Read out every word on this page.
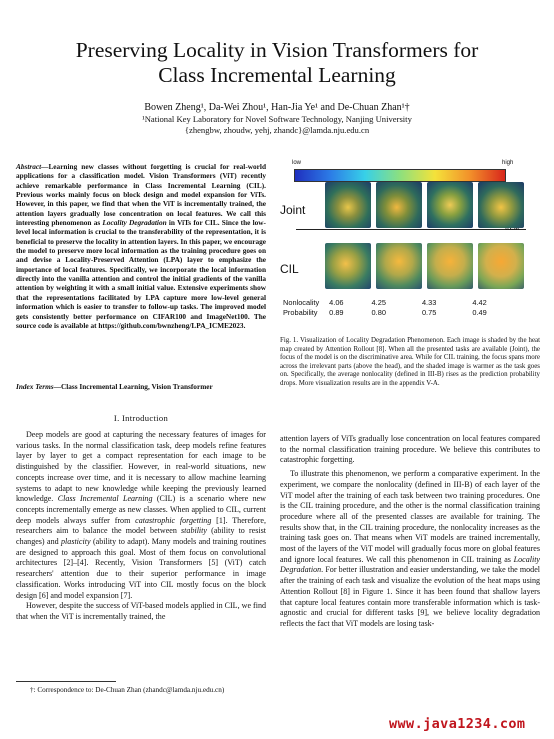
Preserving Locality in Vision Transformers for
Class Incremental Learning
Bowen Zheng¹, Da-Wei Zhou¹, Han-Jia Ye¹ and De-Chuan Zhan¹†
¹National Key Laboratory for Novel Software Technology, Nanjing University
{zhengbw, zhoudw, yehj, zhandc}@lamda.nju.edu.cn
Abstract—Learning new classes without forgetting is crucial for real-world applications for a classification model. Vision Transformers (ViT) recently achieve remarkable performance in Class Incremental Learning (CIL). Previous works mainly focus on block design and model expansion for ViTs. However, in this paper, we find that when the ViT is incrementally trained, the attention layers gradually lose concentration on local features. We call this interesting phenomenon as Locality Degradation in ViTs for CIL. Since the low-level local information is crucial to the transferability of the representation, it is beneficial to preserve the locality in attention layers. In this paper, we encourage the model to preserve more local information as the training procedure goes on and devise a Locality-Preserved Attention (LPA) layer to emphasize the importance of local features. Specifically, we incorporate the local information directly into the vanilla attention and control the initial gradients of the vanilla attention by weighting it with a small initial value. Extensive experiments show that the representations facilitated by LPA capture more low-level general information which is easier to transfer to follow-up tasks. The improved model gets consistently better performance on CIFAR100 and ImageNet100. The source code is available at https://github.com/bwnzheng/LPA_ICME2023.
Index Terms—Class Incremental Learning, Vision Transformer
I. Introduction

Deep models are good at capturing the necessary features of images for various tasks. In the normal classification task, deep models refine features layer by layer to get a compact representation for each image to be distinguished by the classifier. However, in real-world situations, new concepts increase over time, and it is necessary to allow machine learning systems to adapt to new knowledge while keeping the previously learned knowledge. Class Incremental Learning (CIL) is a scenario where new concepts incrementally emerge as new classes. When applied to CIL, current deep models always suffer from catastrophic forgetting [1]. Therefore, researchers aim to balance the model between stability (ability to resist changes) and plasticity (ability to adapt). Many models and training routines are designed to approach this goal. Most of them focus on convolutional architectures [2]–[4]. Recently, Vision Transformers [5] (ViT) catch researchers' attention due to their superior performance in image classification. Works introducing ViT into CIL mostly focus on the block design [6] and model expansion [7].

However, despite the success of ViT-based models applied in CIL, we find that when the ViT is incrementally trained, the

†: Correspondence to: De-Chuan Zhan (zhandc@lamda.nju.edu.cn)
low	high
Joint
CIL
Nonlocality	4.06	4.25	4.33	4.42
Probability	0.89	0.80	0.75	0.49
Fig. 1. Visualization of Locality Degradation Phenomenon. Each image is shaded by the heat map created by Attention Rollout [8]. When all the presented tasks are available (Joint), the focus of the model is on the discriminative area. While for CIL training, the focus spans more across the irrelevant parts (above the head), and the shaded image is warmer as the task goes on. Specifically, the average nonlocality (defined in III-B) rises as the prediction probability drops. More visualization results are in the appendix V-A.

attention layers of ViTs gradually lose concentration on local features compared to the normal classification training procedure. We believe this contributes to catastrophic forgetting.

To illustrate this phenomenon, we perform a comparative experiment. In the experiment, we compare the nonlocality (defined in III-B) of each layer of the ViT model after the training of each task between two training procedures. One is the CIL training procedure, and the other is the normal classification training procedure where all of the presented classes are available for training. The results show that, in the CIL training procedure, the nonlocality increases as the training task goes on. That means when ViT models are trained incrementally, most of the layers of the ViT model will gradually focus more on global features and ignore local features. We call this phenomenon in CIL training as Locality Degradation. For better illustration and easier understanding, we take the model after the training of each task and visualize the evolution of the heat maps using Attention Rollout [8] in Figure 1. Since it has been found that shallow layers that capture local features contain more transferable information which is task-agnostic and crucial for different tasks [9], we believe locality degradation reflects the fact that ViT models are losing task-

www.java1234.com
